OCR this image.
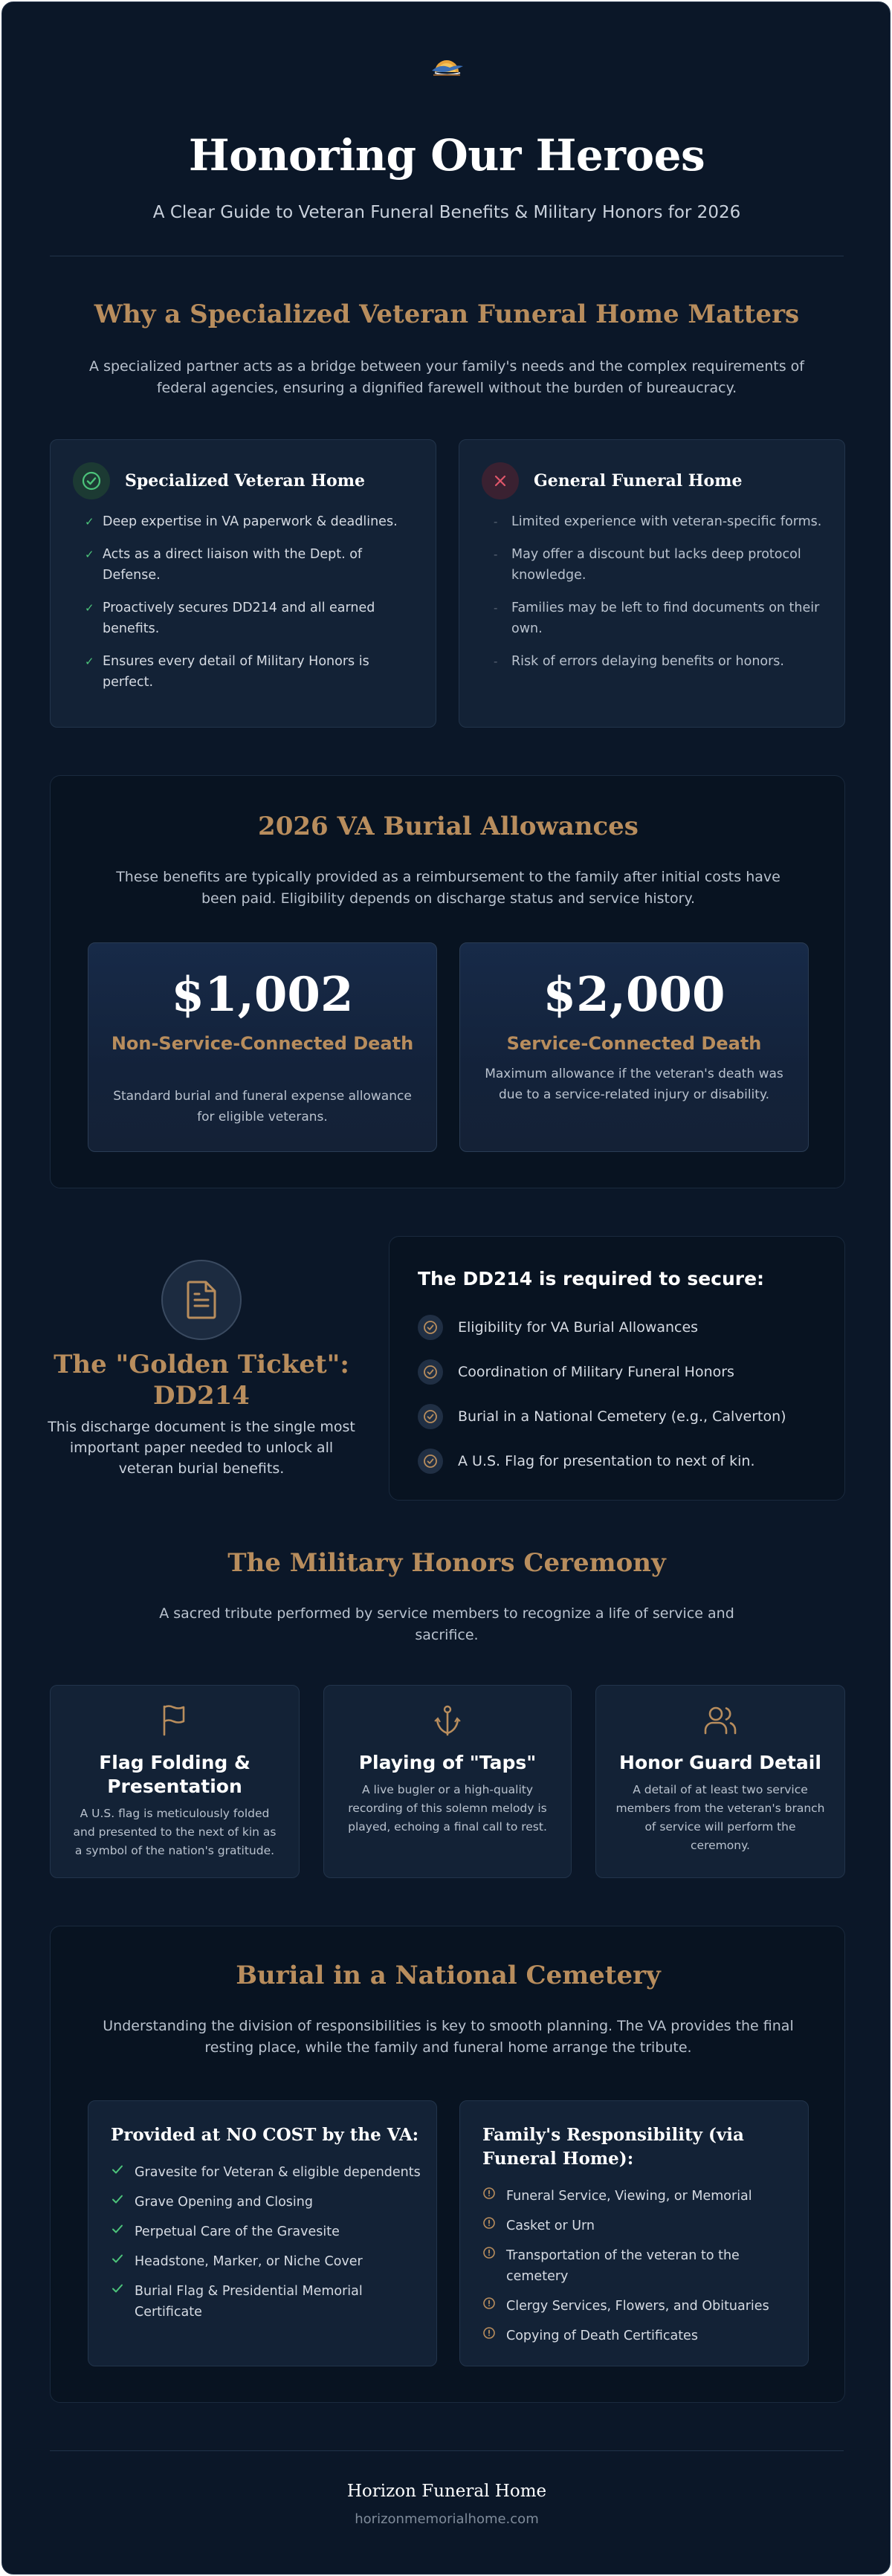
Honoring Our Heroes
A Clear Guide to Veteran Funeral Benefits & Military Honors for 2026
Why a Specialized Veteran Funeral Home Matters
A specialized partner acts as a bridge between your family's needs and the complex requirements of federal agencies, ensuring a dignified farewell without the burden of bureaucracy.
Specialized Veteran Home
✓ Deep expertise in VA paperwork & deadlines.
✓ Acts as a direct liaison with the Dept. of Defense.
✓ Proactively secures DD214 and all earned benefits.
✓ Ensures every detail of Military Honors is perfect.
General Funeral Home
- Limited experience with veteran-specific forms.
- May offer a discount but lacks deep protocol knowledge.
- Families may be left to find documents on their own.
- Risk of errors delaying benefits or honors.
2026 VA Burial Allowances
These benefits are typically provided as a reimbursement to the family after initial costs have been paid. Eligibility depends on discharge status and service history.
$1,002
Non-Service-Connected Death
Standard burial and funeral expense allowance for eligible veterans.
$2,000
Service-Connected Death
Maximum allowance if the veteran's death was due to a service-related injury or disability.
The "Golden Ticket": DD214
This discharge document is the single most important paper needed to unlock all veteran burial benefits.
The DD214 is required to secure:
Eligibility for VA Burial Allowances
Coordination of Military Funeral Honors
Burial in a National Cemetery (e.g., Calverton)
A U.S. Flag for presentation to next of kin.
The Military Honors Ceremony
A sacred tribute performed by service members to recognize a life of service and sacrifice.
Flag Folding & Presentation
A U.S. flag is meticulously folded and presented to the next of kin as a symbol of the nation's gratitude.
Playing of "Taps"
A live bugler or a high-quality recording of this solemn melody is played, echoing a final call to rest.
Honor Guard Detail
A detail of at least two service members from the veteran's branch of service will perform the ceremony.
Burial in a National Cemetery
Understanding the division of responsibilities is key to smooth planning. The VA provides the final resting place, while the family and funeral home arrange the tribute.
Provided at NO COST by the VA:
Gravesite for Veteran & eligible dependents
Grave Opening and Closing
Perpetual Care of the Gravesite
Headstone, Marker, or Niche Cover
Burial Flag & Presidential Memorial Certificate
Family's Responsibility (via Funeral Home):
Funeral Service, Viewing, or Memorial
Casket or Urn
Transportation of the veteran to the cemetery
Clergy Services, Flowers, and Obituaries
Copying of Death Certificates
Horizon Funeral Home
horizonmemorialhome.com
